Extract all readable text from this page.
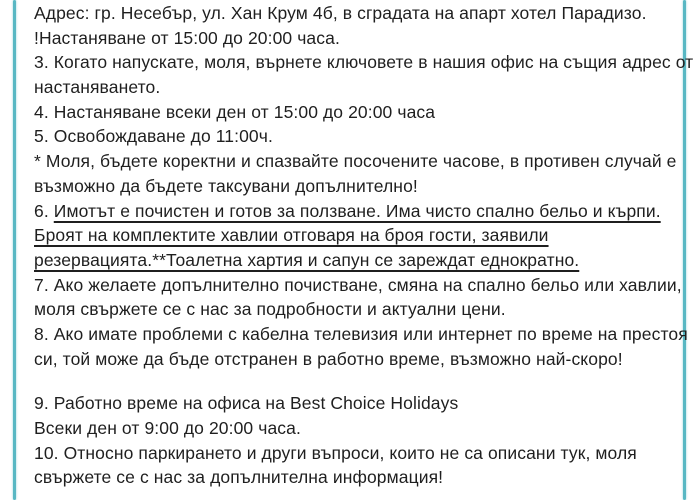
Адрес: гр. Несебър, ул. Хан Крум 4б, в сградата на апарт хотел Парадизо.
!Настаняване от 15:00 до 20:00 часа.
3. Когато напускате, моля, върнете ключовете в нашия офис на същия адрес от
настаняването.
4. Настаняване всеки ден от 15:00 до 20:00 часа
5. Освобождаване до 11:00ч.
* Моля, бъдете коректни и спазвайте посочените часове, в противен случай е
възможно да бъдете таксувани допълнително!
6. Имотът е почистен и готов за ползване. Има чисто спално бельо и кърпи.
Броят на комплектите хавлии отговаря на броя гости, заявили
резервацията.**Тоалетна хартия и сапун се зареждат еднократно.
7. Ако желаете допълнително почистване, смяна на спално бельо или хавлии,
моля свържете се с нас за подробности и актуални цени.
8. Ако имате проблеми с кабелна телевизия или интернет по време на престоя
си, той може да бъде отстранен в работно време, възможно най-скоро!
9. Работно време на офиса на Best Choice Holidays
Всеки ден от 9:00 до 20:00 часа.
10. Относно паркирането и други въпроси, които не са описани тук, моля
свържете се с нас за допълнителна информация!
